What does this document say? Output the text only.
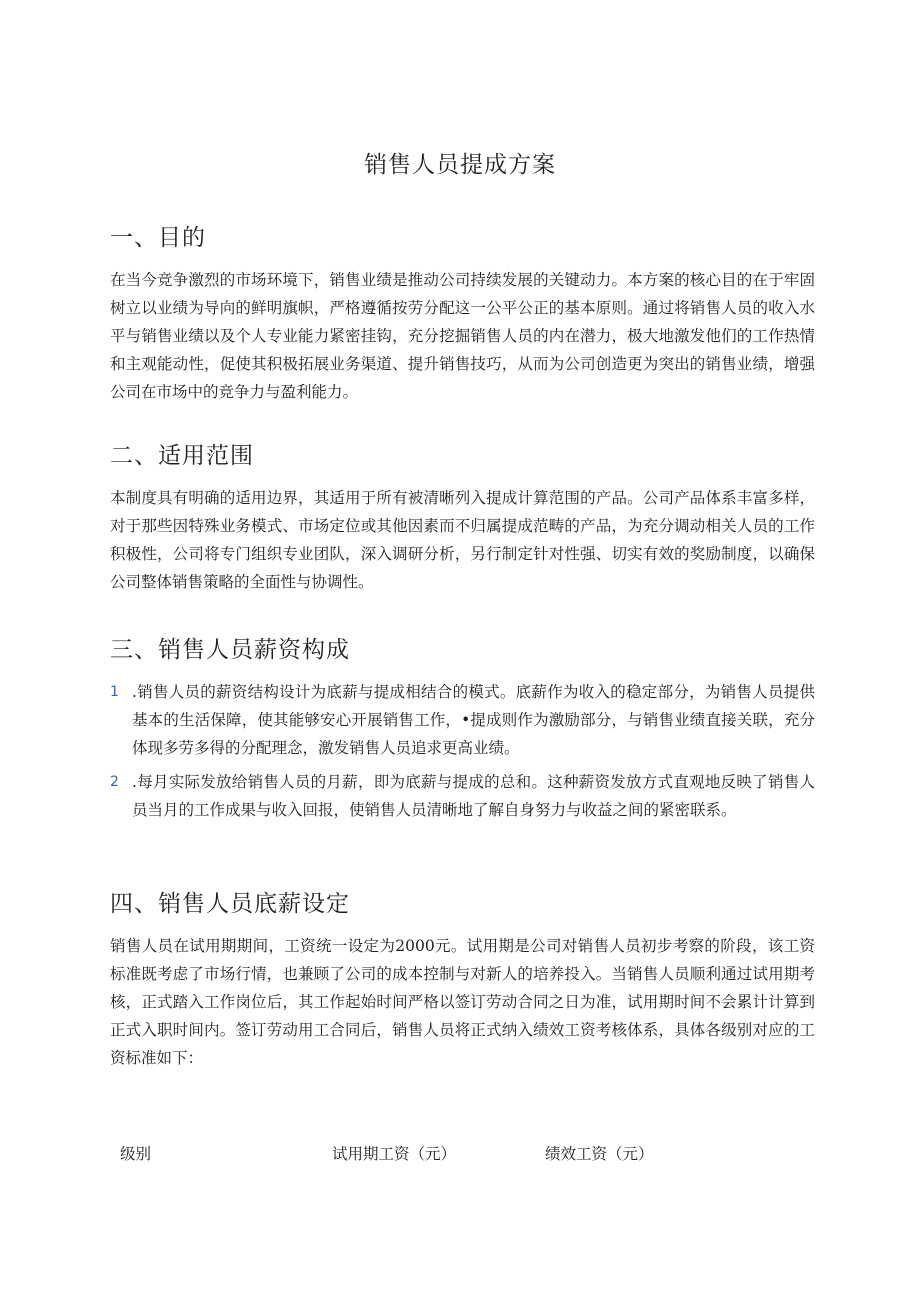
销售人员提成方案
一、目的

在当今竞争激烈的市场环境下，销售业绩是推动公司持续发展的关键动力。本方案的核心目的在于牢固树立以业绩为导向的鲜明旗帜，严格遵循按劳分配这一公平公正的基本原则。通过将销售人员的收入水平与销售业绩以及个人专业能力紧密挂钩，充分挖掘销售人员的内在潜力，极大地激发他们的工作热情和主观能动性，促使其积极拓展业务渠道、提升销售技巧，从而为公司创造更为突出的销售业绩，增强公司在市场中的竞争力与盈利能力。

二、适用范围

本制度具有明确的适用边界，其适用于所有被清晰列入提成计算范围的产品。公司产品体系丰富多样，对于那些因特殊业务模式、市场定位或其他因素而不归属提成范畴的产品，为充分调动相关人员的工作积极性，公司将专门组织专业团队，深入调研分析，另行制定针对性强、切实有效的奖励制度，以确保公司整体销售策略的全面性与协调性。

三、销售人员薪资构成
1 .销售人员的薪资结构设计为底薪与提成相结合的模式。底薪作为收入的稳定部分，为销售人员提供基本的生活保障，使其能够安心开展销售工作，•提成则作为激励部分，与销售业绩直接关联，充分体现多劳多得的分配理念，激发销售人员追求更高业绩。
2 .每月实际发放给销售人员的月薪，即为底薪与提成的总和。这种薪资发放方式直观地反映了销售人员当月的工作成果与收入回报，使销售人员清晰地了解自身努力与收益之间的紧密联系。
四、销售人员底薪设定

销售人员在试用期期间，工资统一设定为2000元。试用期是公司对销售人员初步考察的阶段，该工资标准既考虑了市场行情，也兼顾了公司的成本控制与对新人的培养投入。当销售人员顺利通过试用期考核，正式踏入工作岗位后，其工作起始时间严格以签订劳动合同之日为准，试用期时间不会累计计算到正式入职时间内。签订劳动用工合同后，销售人员将正式纳入绩效工资考核体系，具体各级别对应的工资标准如下：

级别	试用期工资（元）	绩效工资（元）
